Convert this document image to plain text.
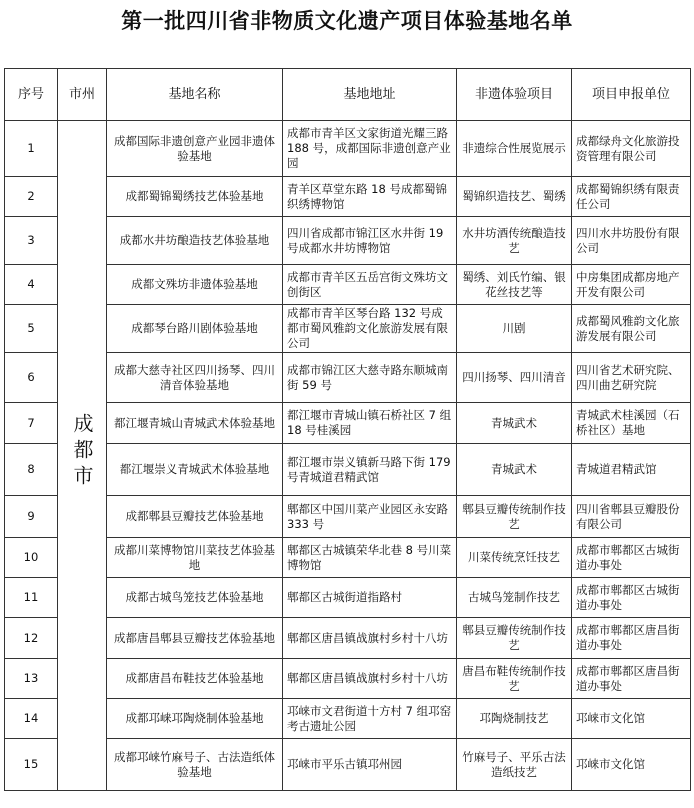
第一批四川省非物质文化遗产项目体验基地名单
序号	市州	基地名称	基地地址	非遗体验项目	项目申报单位
1	成都市	成都国际非遗创意产业园非遗体验基地	成都市青羊区文家街道光耀三路 188 号，成都国际非遗创意产业园	非遗综合性展览展示	成都绿舟文化旅游投资管理有限公司
2		成都蜀锦蜀绣技艺体验基地	青羊区草堂东路 18 号成都蜀锦织绣博物馆	蜀锦织造技艺、蜀绣	成都蜀锦织绣有限责任公司
3		成都水井坊酿造技艺体验基地	四川省成都市锦江区水井街 19 号成都水井坊博物馆	水井坊酒传统酿造技艺	四川水井坊股份有限公司
4		成都文殊坊非遗体验基地	成都市青羊区五岳宫街文殊坊文创街区	蜀绣、刘氏竹编、银花丝技艺等	中房集团成都房地产开发有限公司
5		成都琴台路川剧体验基地	成都市青羊区琴台路 132 号成都市蜀风雅韵文化旅游发展有限公司	川剧	成都蜀风雅韵文化旅游发展有限公司
6		成都大慈寺社区四川扬琴、四川清音体验基地	成都市锦江区大慈寺路东顺城南街 59 号	四川扬琴、四川清音	四川省艺术研究院、四川曲艺研究院
7		都江堰青城山青城武术体验基地	都江堰市青城山镇石桥社区 7 组 18 号桂溪园	青城武术	青城武术桂溪园（石桥社区）基地
8		都江堰崇义青城武术体验基地	都江堰市崇义镇新马路下街 179 号青城道君精武馆	青城武术	青城道君精武馆
9		成都郫县豆瓣技艺体验基地	郫都区中国川菜产业园区永安路 333 号	郫县豆瓣传统制作技艺	四川省郫县豆瓣股份有限公司
10		成都川菜博物馆川菜技艺体验基地	郫都区古城镇荣华北巷 8 号川菜博物馆	川菜传统烹饪技艺	成都市郫都区古城街道办事处
11		成都古城鸟笼技艺体验基地	郫都区古城街道指路村	古城鸟笼制作技艺	成都市郫都区古城街道办事处
12		成都唐昌郫县豆瓣技艺体验基地	郫都区唐昌镇战旗村乡村十八坊	郫县豆瓣传统制作技艺	成都市郫都区唐昌街道办事处
13		成都唐昌布鞋技艺体验基地	郫都区唐昌镇战旗村乡村十八坊	唐昌布鞋传统制作技艺	成都市郫都区唐昌街道办事处
14		成都邛崃邛陶烧制体验基地	邛崃市文君街道十方村 7 组邛窑考古遗址公园	邛陶烧制技艺	邛崃市文化馆
15		成都邛崃竹麻号子、古法造纸体验基地	邛崃市平乐古镇邛州园	竹麻号子、平乐古法造纸技艺	邛崃市文化馆
